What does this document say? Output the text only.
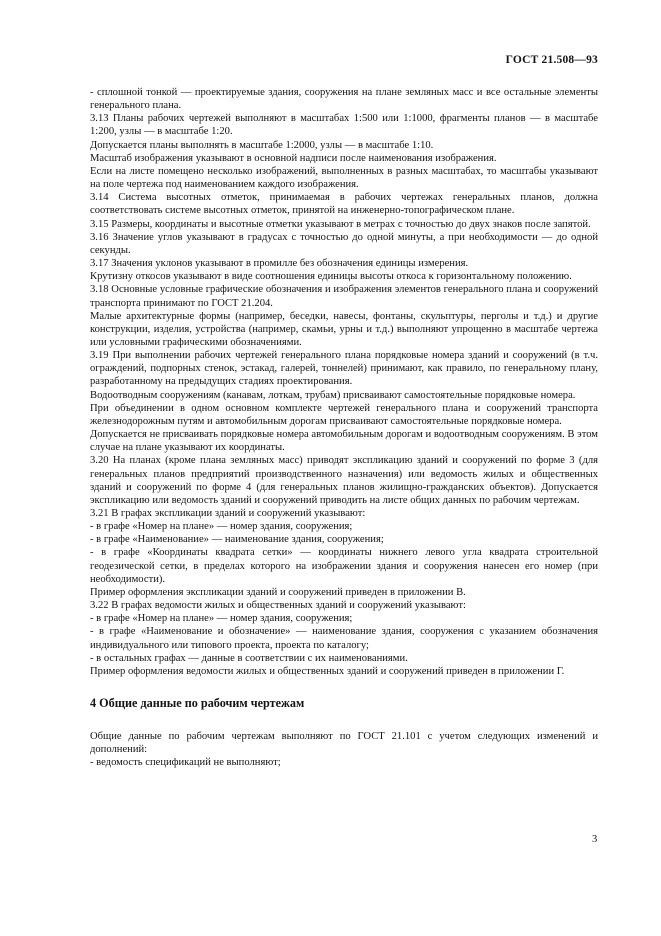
ГОСТ 21.508—93

- сплошной тонкой — проектируемые здания, сооружения на плане земляных масс и все остальные элементы генерального плана.

3.13 Планы рабочих чертежей выполняют в масштабах 1:500 или 1:1000, фрагменты планов — в масштабе 1:200, узлы — в масштабе 1:20.

Допускается планы выполнять в масштабе 1:2000, узлы — в масштабе 1:10.

Масштаб изображения указывают в основной надписи после наименования изображения.

Если на листе помещено несколько изображений, выполненных в разных масштабах, то масштабы указывают на поле чертежа под наименованием каждого изображения.

3.14 Система высотных отметок, принимаемая в рабочих чертежах генеральных планов, должна соответствовать системе высотных отметок, принятой на инженерно-топографическом плане.

3.15 Размеры, координаты и высотные отметки указывают в метрах с точностью до двух знаков после запятой.

3.16 Значение углов указывают в градусах с точностью до одной минуты, а при необходимости — до одной секунды.

3.17 Значения уклонов указывают в промилле без обозначения единицы измерения.

Крутизну откосов указывают в виде соотношения единицы высоты откоса к горизонтальному положению.

3.18 Основные условные графические обозначения и изображения элементов генерального плана и сооружений транспорта принимают по ГОСТ 21.204.

Малые архитектурные формы (например, беседки, навесы, фонтаны, скульптуры, перголы и т.д.) и другие конструкции, изделия, устройства (например, скамьи, урны и т.д.) выполняют упрощенно в масштабе чертежа или условными графическими обозначениями.

3.19 При выполнении рабочих чертежей генерального плана порядковые номера зданий и сооружений (в т.ч. ограждений, подпорных стенок, эстакад, галерей, тоннелей) принимают, как правило, по генеральному плану, разработанному на предыдущих стадиях проектирования.

Водоотводным сооружениям (канавам, лоткам, трубам) присваивают самостоятельные порядковые номера.

При объединении в одном основном комплекте чертежей генерального плана и сооружений транспорта железнодорожным путям и автомобильным дорогам присваивают самостоятельные порядковые номера.

Допускается не присваивать порядковые номера автомобильным дорогам и водоотводным сооружениям. В этом случае на плане указывают их координаты.

3.20 На планах (кроме плана земляных масс) приводят экспликацию зданий и сооружений по форме 3 (для генеральных планов предприятий производственного назначения) или ведомость жилых и общественных зданий и сооружений по форме 4 (для генеральных планов жилищно-гражданских объектов). Допускается экспликацию или ведомость зданий и сооружений приводить на листе общих данных по рабочим чертежам.

3.21 В графах экспликации зданий и сооружений указывают:

- в графе «Номер на плане» — номер здания, сооружения;

- в графе «Наименование» — наименование здания, сооружения;

- в графе «Координаты квадрата сетки» — координаты нижнего левого угла квадрата строительной геодезической сетки, в пределах которого на изображении здания и сооружения нанесен его номер (при необходимости).

Пример оформления экспликации зданий и сооружений приведен в приложении В.

3.22 В графах ведомости жилых и общественных зданий и сооружений указывают:

- в графе «Номер на плане» — номер здания, сооружения;

- в графе «Наименование и обозначение» — наименование здания, сооружения с указанием обозначения индивидуального или типового проекта, проекта по каталогу;

- в остальных графах — данные в соответствии с их наименованиями.

Пример оформления ведомости жилых и общественных зданий и сооружений приведен в приложении Г.

4 Общие данные по рабочим чертежам

Общие данные по рабочим чертежам выполняют по ГОСТ 21.101 с учетом следующих изменений и дополнений:

- ведомость спецификаций не выполняют;

3
